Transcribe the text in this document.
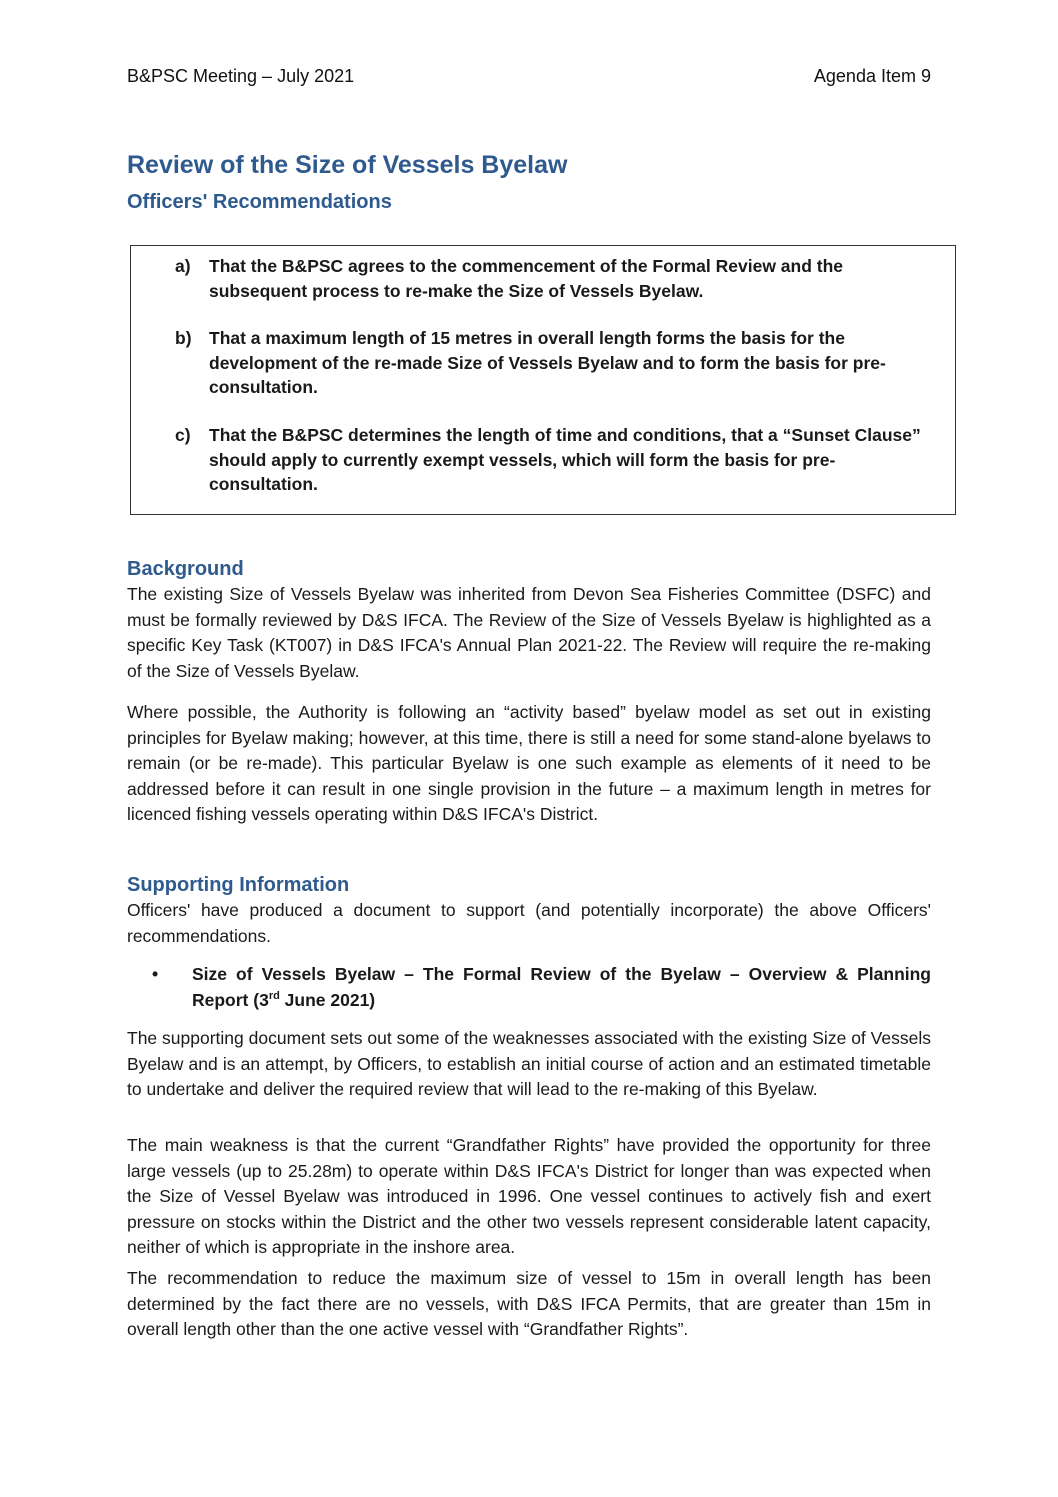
B&PSC Meeting – July 2021	Agenda Item 9
Review of the Size of Vessels Byelaw
Officers' Recommendations
a) That the B&PSC agrees to the commencement of the Formal Review and the subsequent process to re-make the Size of Vessels Byelaw.
b) That a maximum length of 15 metres in overall length forms the basis for the development of the re-made Size of Vessels Byelaw and to form the basis for pre-consultation.
c) That the B&PSC determines the length of time and conditions, that a “Sunset Clause” should apply to currently exempt vessels, which will form the basis for pre-consultation.
Background

The existing Size of Vessels Byelaw was inherited from Devon Sea Fisheries Committee (DSFC) and must be formally reviewed by D&S IFCA. The Review of the Size of Vessels Byelaw is highlighted as a specific Key Task (KT007) in D&S IFCA's Annual Plan 2021-22. The Review will require the re-making of the Size of Vessels Byelaw.

Where possible, the Authority is following an “activity based” byelaw model as set out in existing principles for Byelaw making; however, at this time, there is still a need for some stand-alone byelaws to remain (or be re-made). This particular Byelaw is one such example as elements of it need to be addressed before it can result in one single provision in the future – a maximum length in metres for licenced fishing vessels operating within D&S IFCA's District.

Supporting Information

Officers' have produced a document to support (and potentially incorporate) the above Officers' recommendations.

• Size of Vessels Byelaw – The Formal Review of the Byelaw – Overview & Planning Report (3rd June 2021)

The supporting document sets out some of the weaknesses associated with the existing Size of Vessels Byelaw and is an attempt, by Officers, to establish an initial course of action and an estimated timetable to undertake and deliver the required review that will lead to the re-making of this Byelaw.

The main weakness is that the current “Grandfather Rights” have provided the opportunity for three large vessels (up to 25.28m) to operate within D&S IFCA's District for longer than was expected when the Size of Vessel Byelaw was introduced in 1996. One vessel continues to actively fish and exert pressure on stocks within the District and the other two vessels represent considerable latent capacity, neither of which is appropriate in the inshore area.

The recommendation to reduce the maximum size of vessel to 15m in overall length has been determined by the fact there are no vessels, with D&S IFCA Permits, that are greater than 15m in overall length other than the one active vessel with “Grandfather Rights”.
